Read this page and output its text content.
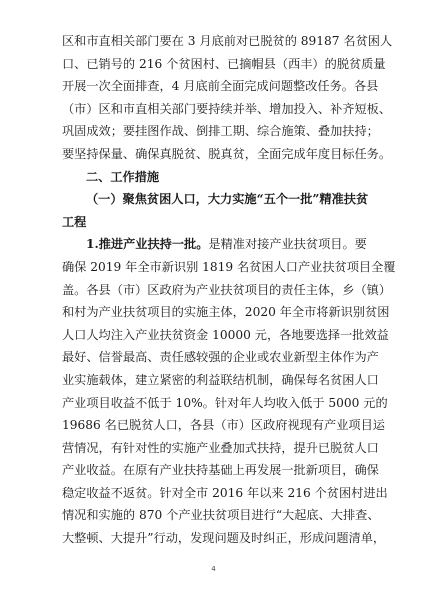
区和市直相关部门要在 3 月底前对已脱贫的 89187 名贫困人
口、已销号的 216 个贫困村、已摘帽县（西丰）的脱贫质量
开展一次全面排查，4 月底前全面完成问题整改任务。各县
（市）区和市直相关部门要持续并举、增加投入、补齐短板、
巩固成效；要挂图作战、倒排工期、综合施策、叠加扶持；
要坚持保量、确保真脱贫、脱真贫，全面完成年度目标任务。
二、工作措施
（一）聚焦贫困人口，大力实施“五个一批”精准扶贫
工程
1.推进产业扶持一批。是精准对接产业扶贫项目。要
确保 2019 年全市新识别 1819 名贫困人口产业扶贫项目全覆
盖。各县（市）区政府为产业扶贫项目的责任主体，乡（镇）
和村为产业扶贫项目的实施主体，2020 年全市将新识别贫困
人口人均注入产业扶贫资金 10000 元，各地要选择一批效益
最好、信誉最高、责任感较强的企业或农业新型主体作为产
业实施载体，建立紧密的利益联结机制，确保每名贫困人口
产业项目收益不低于 10%。针对年人均收入低于 5000 元的
19686 名已脱贫人口，各县（市）区政府视现有产业项目运
营情况，有针对性的实施产业叠加式扶持，提升已脱贫人口
产业收益。在原有产业扶持基础上再发展一批新项目，确保
稳定收益不返贫。针对全市 2016 年以来 216 个贫困村进出
情况和实施的 870 个产业扶贫项目进行“大起底、大排查、
大整顿、大提升”行动，发现问题及时纠正，形成问题清单，
4
